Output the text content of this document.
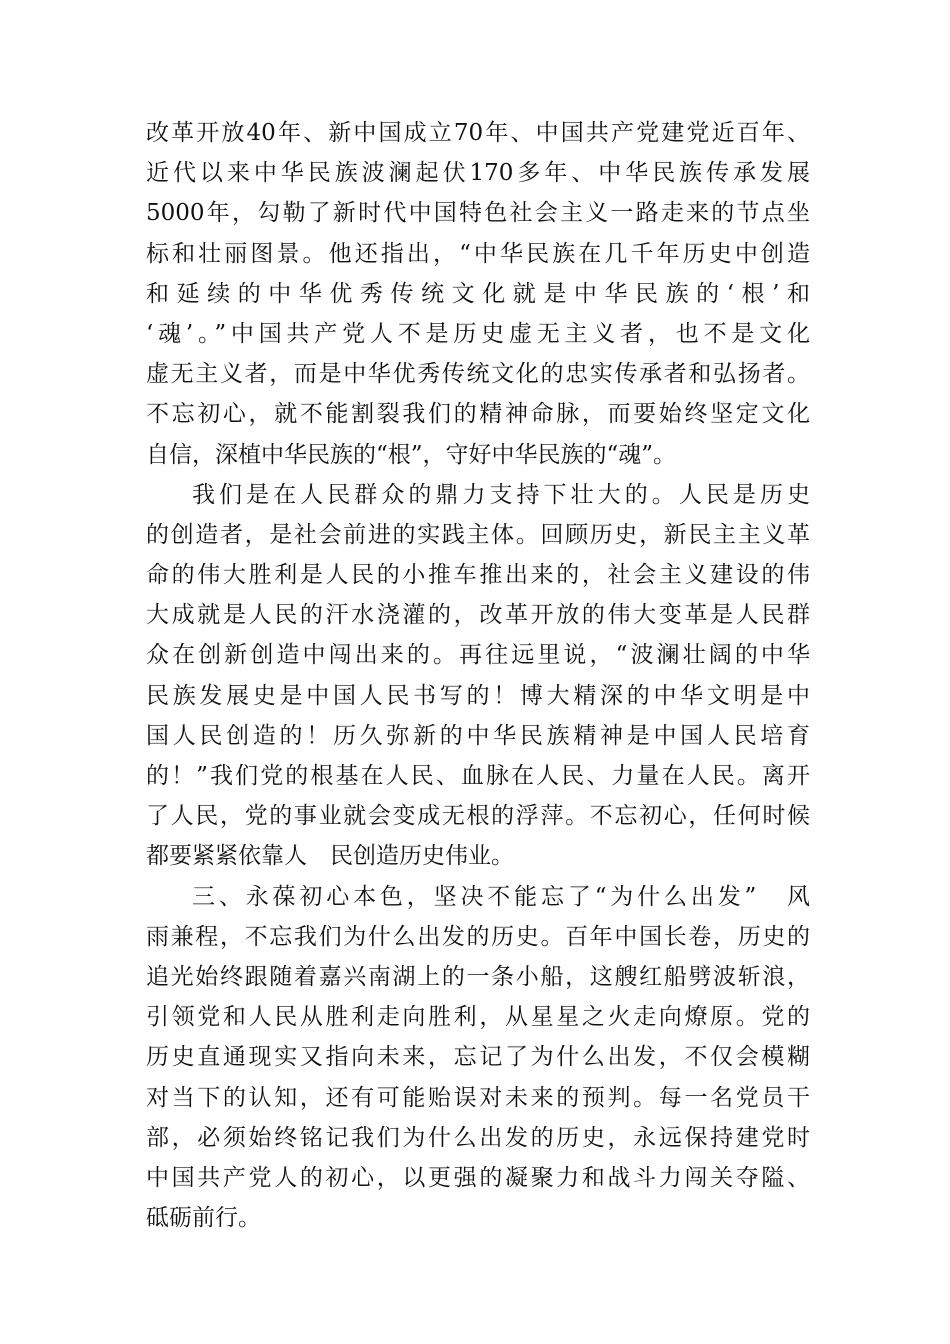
改革开放40年、新中国成立70年、中国共产党建党近百年、
近代以来中华民族波澜起伏170多年、中华民族传承发展
5000年，勾勒了新时代中国特色社会主义一路走来的节点坐
标和壮丽图景。他还指出，“中华民族在几千年历史中创造
和延续的中华优秀传统文化就是中华民族的‘根’和
‘魂’。”中国共产党人不是历史虚无主义者，也不是文化
虚无主义者，而是中华优秀传统文化的忠实传承者和弘扬者。
不忘初心，就不能割裂我们的精神命脉，而要始终坚定文化
自信，深植中华民族的“根”，守好中华民族的“魂”。
我们是在人民群众的鼎力支持下壮大的。人民是历史
的创造者，是社会前进的实践主体。回顾历史，新民主主义革
命的伟大胜利是人民的小推车推出来的，社会主义建设的伟
大成就是人民的汗水浇灌的，改革开放的伟大变革是人民群
众在创新创造中闯出来的。再往远里说，“波澜壮阔的中华
民族发展史是中国人民书写的！博大精深的中华文明是中
国人民创造的！历久弥新的中华民族精神是中国人民培育
的！”我们党的根基在人民、血脉在人民、力量在人民。离开
了人民，党的事业就会变成无根的浮萍。不忘初心，任何时候
都要紧紧依靠人　民创造历史伟业。
三、永葆初心本色，坚决不能忘了“为什么出发”　风
雨兼程，不忘我们为什么出发的历史。百年中国长卷，历史的
追光始终跟随着嘉兴南湖上的一条小船，这艘红船劈波斩浪，
引领党和人民从胜利走向胜利，从星星之火走向燎原。党的
历史直通现实又指向未来，忘记了为什么出发，不仅会模糊
对当下的认知，还有可能贻误对未来的预判。每一名党员干
部，必须始终铭记我们为什么出发的历史，永远保持建党时
中国共产党人的初心，以更强的凝聚力和战斗力闯关夺隘、
砥砺前行。
